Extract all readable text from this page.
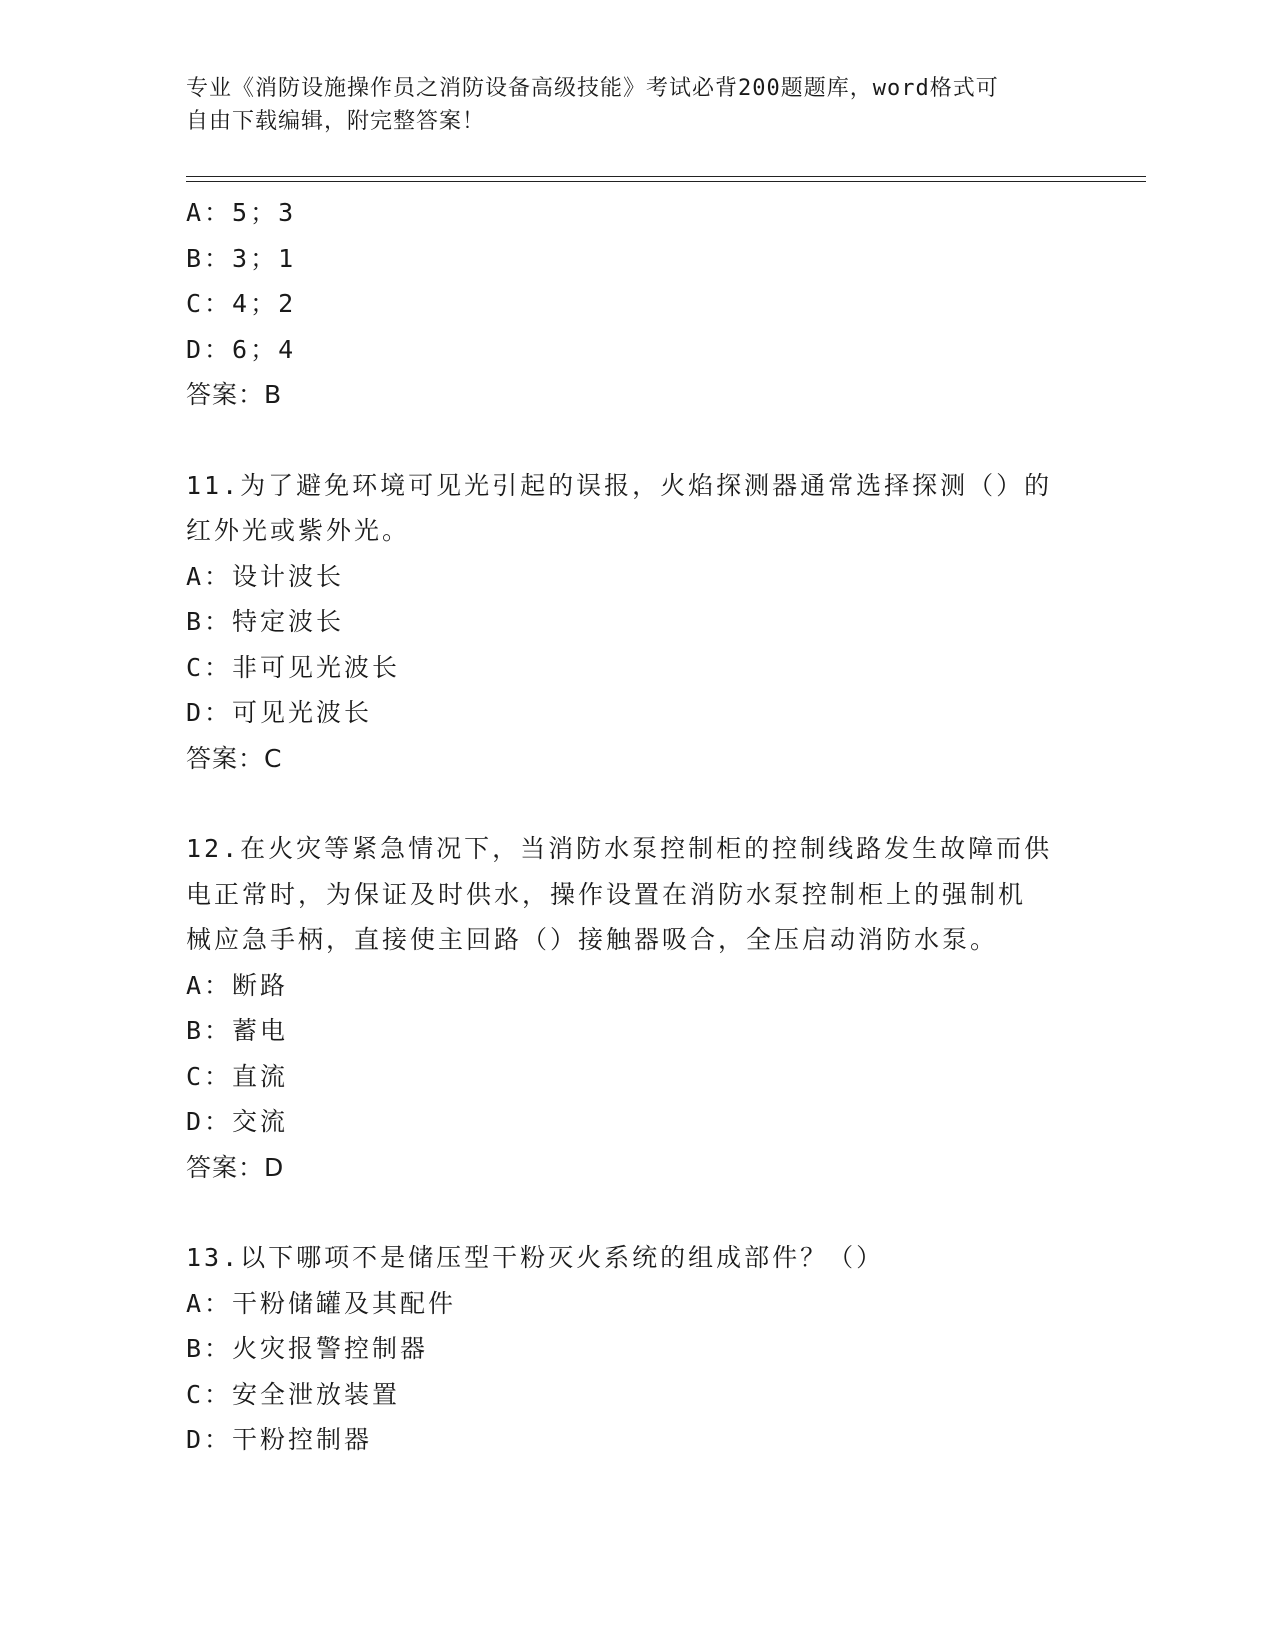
专业《消防设施操作员之消防设备高级技能》考试必背200题题库，word格式可
自由下载编辑，附完整答案！
A：5；3
B：3；1
C：4；2
D：6；4
答案：B
11.为了避免环境可见光引起的误报，火焰探测器通常选择探测（）的
红外光或紫外光。
A：设计波长
B：特定波长
C：非可见光波长
D：可见光波长
答案：C
12.在火灾等紧急情况下，当消防水泵控制柜的控制线路发生故障而供
电正常时，为保证及时供水，操作设置在消防水泵控制柜上的强制机
械应急手柄，直接使主回路（）接触器吸合，全压启动消防水泵。
A：断路
B：蓄电
C：直流
D：交流
答案：D
13.以下哪项不是储压型干粉灭火系统的组成部件？（）
A：干粉储罐及其配件
B：火灾报警控制器
C：安全泄放装置
D：干粉控制器
